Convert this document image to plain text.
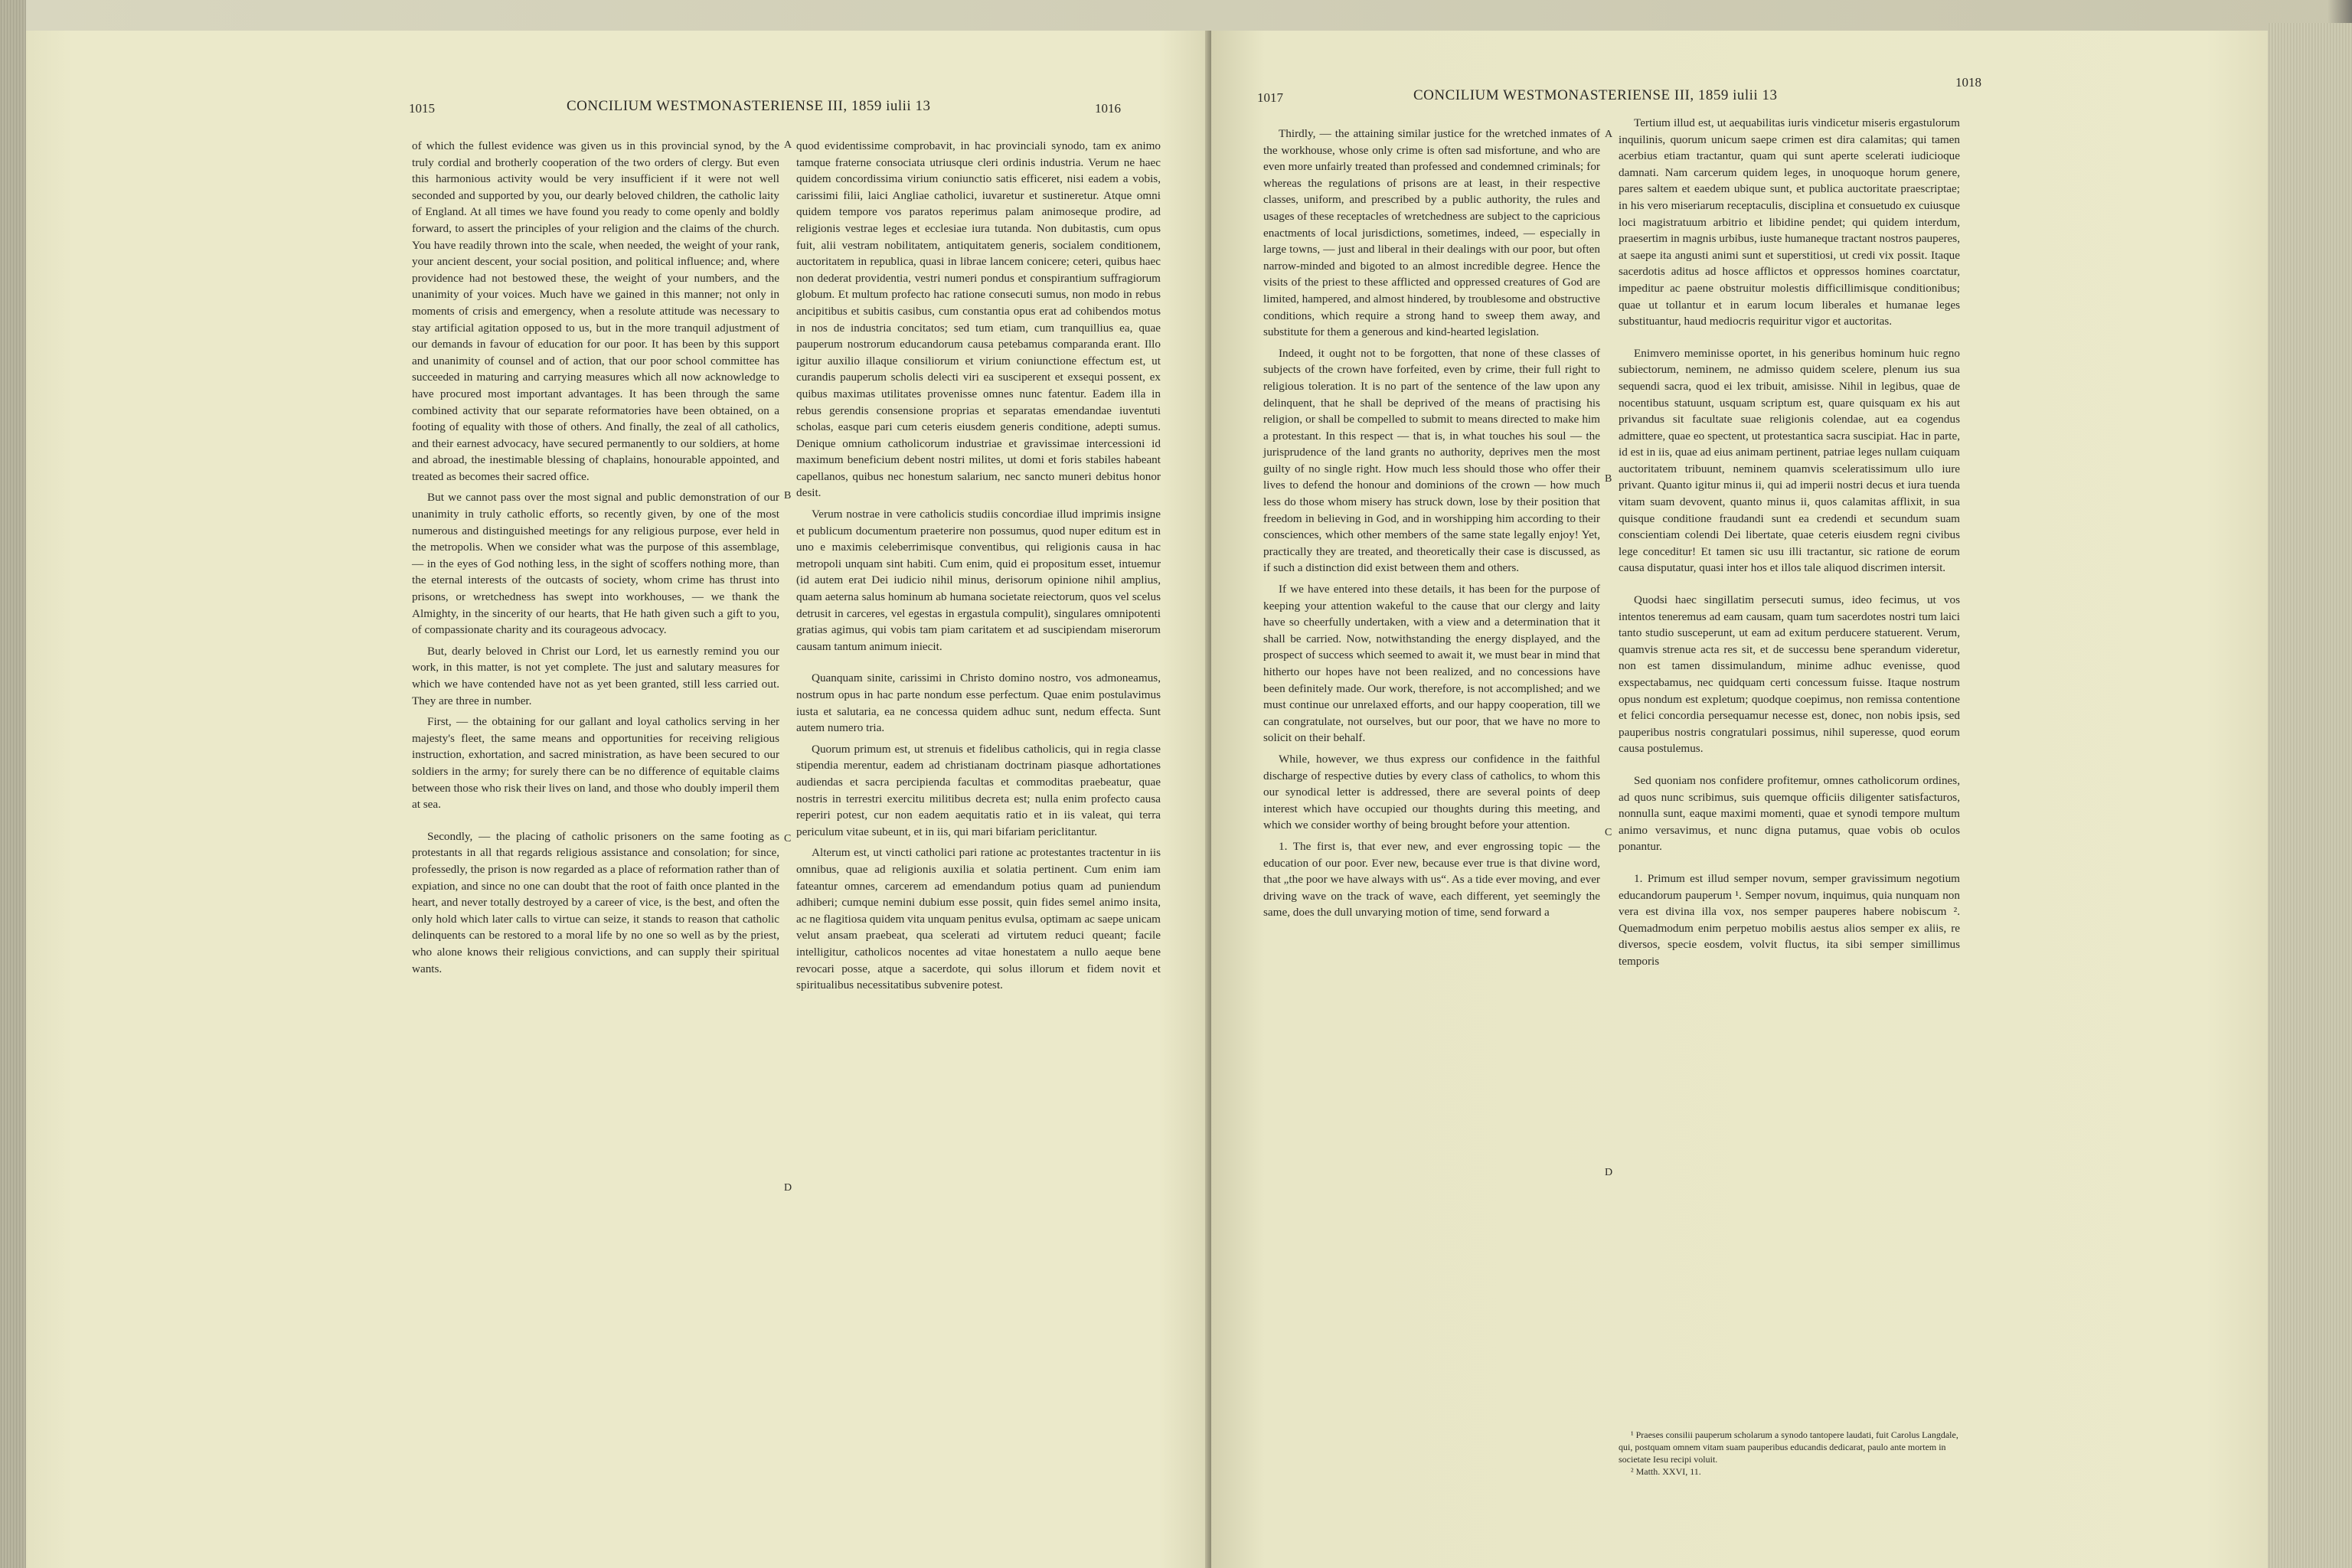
1015	CONCILIUM WESTMONASTERIENSE III, 1859 iulii 13	1016

of which the fullest evidence was given us in this provincial synod, by the truly cordial and brotherly cooperation of the two orders of clergy. But even this harmonious activity would be very insufficient if it were not well seconded and supported by you, our dearly beloved children, the catholic laity of England. At all times we have found you ready to come openly and boldly forward, to assert the principles of your religion and the claims of the church. You have readily thrown into the scale, when needed, the weight of your rank, your ancient descent, your social position, and political influence; and, where providence had not bestowed these, the weight of your numbers, and the unanimity of your voices. Much have we gained in this manner; not only in moments of crisis and emergency, when a resolute attitude was necessary to stay artificial agitation opposed to us, but in the more tranquil adjustment of our demands in favour of education for our poor. It has been by this support and unanimity of counsel and of action, that our poor school committee has succeeded in maturing and carrying measures which all now acknowledge to have procured most important advantages. It has been through the same combined activity that our separate reformatories have been obtained, on a footing of equality with those of others. And finally, the zeal of all catholics, and their earnest advocacy, have secured permanently to our soldiers, at home and abroad, the inestimable blessing of chaplains, honourable appointed, and treated as becomes their sacred office.

But we cannot pass over the most signal and public demonstration of our unanimity in truly catholic efforts, so recently given, by one of the most numerous and distinguished meetings for any religious purpose, ever held in the metropolis. When we consider what was the purpose of this assemblage, — in the eyes of God nothing less, in the sight of scoffers nothing more, than the eternal interests of the outcasts of society, whom crime has thrust into prisons, or wretchedness has swept into workhouses, — we thank the Almighty, in the sincerity of our hearts, that He hath given such a gift to you, of compassionate charity and its courageous advocacy.

But, dearly beloved in Christ our Lord, let us earnestly remind you our work, in this matter, is not yet complete. The just and salutary measures for which we have contended have not as yet been granted, still less carried out. They are three in number.

First, — the obtaining for our gallant and loyal catholics serving in her majesty's fleet, the same means and opportunities for receiving religious instruction, exhortation, and sacred ministration, as have been secured to our soldiers in the army; for surely there can be no difference of equitable claims between those who risk their lives on land, and those who doubly imperil them at sea.

Secondly, — the placing of catholic prisoners on the same footing as protestants in all that regards religious assistance and consolation; for since, professedly, the prison is now regarded as a place of reformation rather than of expiation, and since no one can doubt that the root of faith once planted in the heart, and never totally destroyed by a career of vice, is the best, and often the only hold which later calls to virtue can seize, it stands to reason that catholic delinquents can be restored to a moral life by no one so well as by the priest, who alone knows their religious convictions, and can supply their spiritual wants.

A
B
C
D

quod evidentissime comprobavit, in hac provinciali synodo, tam ex animo tamque fraterne consociata utriusque cleri ordinis industria. Verum ne haec quidem concordissima virium coniunctio satis efficeret, nisi eadem a vobis, carissimi filii, laici Angliae catholici, iuvaretur et sustineretur. Atque omni quidem tempore vos paratos reperimus palam animoseque prodire, ad religionis vestrae leges et ecclesiae iura tutanda. Non dubitastis, cum opus fuit, alii vestram nobilitatem, antiquitatem generis, socialem conditionem, auctoritatem in republica, quasi in librae lancem conicere; ceteri, quibus haec non dederat providentia, vestri numeri pondus et conspirantium suffragiorum globum. Et multum profecto hac ratione consecuti sumus, non modo in rebus ancipitibus et subitis casibus, cum constantia opus erat ad cohibendos motus in nos de industria concitatos; sed tum etiam, cum tranquillius ea, quae pauperum nostrorum educandorum causa petebamus comparanda erant. Illo igitur auxilio illaque consiliorum et virium coniunctione effectum est, ut curandis pauperum scholis delecti viri ea susciperent et exsequi possent, ex quibus maximas utilitates provenisse omnes nunc fatentur. Eadem illa in rebus gerendis consensione proprias et separatas emendandae iuventuti scholas, easque pari cum ceteris eiusdem generis conditione, adepti sumus. Denique omnium catholicorum industriae et gravissimae intercessioni id maximum beneficium debent nostri milites, ut domi et foris stabiles habeant capellanos, quibus nec honestum salarium, nec sancto muneri debitus honor desit.

Verum nostrae in vere catholicis studiis concordiae illud imprimis insigne et publicum documentum praeterire non possumus, quod nuper editum est in uno e maximis celeberrimisque conventibus, qui religionis causa in hac metropoli unquam sint habiti. Cum enim, quid ei propositum esset, intuemur (id autem erat Dei iudicio nihil minus, derisorum opinione nihil amplius, quam aeterna salus hominum ab humana societate reiectorum, quos vel scelus detrusit in carceres, vel egestas in ergastula compulit), singulares omnipotenti gratias agimus, qui vobis tam piam caritatem et ad suscipiendam miserorum causam tantum animum iniecit.

Quanquam sinite, carissimi in Christo domino nostro, vos admoneamus, nostrum opus in hac parte nondum esse perfectum. Quae enim postulavimus iusta et salutaria, ea ne concessa quidem adhuc sunt, nedum effecta. Sunt autem numero tria.

Quorum primum est, ut strenuis et fidelibus catholicis, qui in regia classe stipendia merentur, eadem ad christianam doctrinam piasque adhortationes audiendas et sacra percipienda facultas et commoditas praebeatur, quae nostris in terrestri exercitu militibus decreta est; nulla enim profecto causa reperiri potest, cur non eadem aequitatis ratio et in iis valeat, qui terra periculum vitae subeunt, et in iis, qui mari bifariam periclitantur.

Alterum est, ut vincti catholici pari ratione ac protestantes tractentur in iis omnibus, quae ad religionis auxilia et solatia pertinent. Cum enim iam fateantur omnes, carcerem ad emendandum potius quam ad puniendum adhiberi; cumque nemini dubium esse possit, quin fides semel animo insita, ac ne flagitiosa quidem vita unquam penitus evulsa, optimam ac saepe unicam velut ansam praebeat, qua scelerati ad virtutem reduci queant; facile intelligitur, catholicos nocentes ad vitae honestatem a nullo aeque bene revocari posse, atque a sacerdote, qui solus illorum et fidem novit et spiritualibus necessitatibus subvenire potest.

1017	CONCILIUM WESTMONASTERIENSE III, 1859 iulii 13
1018

Thirdly, — the attaining similar justice for the wretched inmates of the workhouse, whose only crime is often sad misfortune, and who are even more unfairly treated than professed and condemned criminals; for whereas the regulations of prisons are at least, in their respective classes, uniform, and prescribed by a public authority, the rules and usages of these receptacles of wretchedness are subject to the capricious enactments of local jurisdictions, sometimes, indeed, — especially in large towns, — just and liberal in their dealings with our poor, but often narrow-minded and bigoted to an almost incredible degree. Hence the visits of the priest to these afflicted and oppressed creatures of God are limited, hampered, and almost hindered, by troublesome and obstructive conditions, which require a strong hand to sweep them away, and substitute for them a generous and kind-hearted legislation.

Indeed, it ought not to be forgotten, that none of these classes of subjects of the crown have forfeited, even by crime, their full right to religious toleration. It is no part of the sentence of the law upon any delinquent, that he shall be deprived of the means of practising his religion, or shall be compelled to submit to means directed to make him a protestant. In this respect — that is, in what touches his soul — the jurisprudence of the land grants no authority, deprives men the most guilty of no single right. How much less should those who offer their lives to defend the honour and dominions of the crown — how much less do those whom misery has struck down, lose by their position that freedom in believing in God, and in worshipping him according to their consciences, which other members of the same state legally enjoy! Yet, practically they are treated, and theoretically their case is discussed, as if such a distinction did exist between them and others.

If we have entered into these details, it has been for the purpose of keeping your attention wakeful to the cause that our clergy and laity have so cheerfully undertaken, with a view and a determination that it shall be carried. Now, notwithstanding the energy displayed, and the prospect of success which seemed to await it, we must bear in mind that hitherto our hopes have not been realized, and no concessions have been definitely made. Our work, therefore, is not accomplished; and we must continue our unrelaxed efforts, and our happy cooperation, till we can congratulate, not ourselves, but our poor, that we have no more to solicit on their behalf.

While, however, we thus express our confidence in the faithful discharge of respective duties by every class of catholics, to whom this our synodical letter is addressed, there are several points of deep interest which have occupied our thoughts during this meeting, and which we consider worthy of being brought before your attention.

1. The first is, that ever new, and ever engrossing topic — the education of our poor. Ever new, because ever true is that divine word, that „the poor we have always with us“. As a tide ever moving, and ever driving wave on the track of wave, each different, yet seemingly the same, does the dull unvarying motion of time, send forward a

A
B
C
D

Tertium illud est, ut aequabilitas iuris vindicetur miseris ergastulorum inquilinis, quorum unicum saepe crimen est dira calamitas; qui tamen acerbius etiam tractantur, quam qui sunt aperte scelerati iudicioque damnati. Nam carcerum quidem leges, in unoquoque horum genere, pares saltem et eaedem ubique sunt, et publica auctoritate praescriptae; in his vero miseriarum receptaculis, disciplina et consuetudo ex cuiusque loci magistratuum arbitrio et libidine pendet; qui quidem interdum, praesertim in magnis urbibus, iuste humaneque tractant nostros pauperes, at saepe ita angusti animi sunt et superstitiosi, ut credi vix possit. Itaque sacerdotis aditus ad hosce afflictos et oppressos homines coarctatur, impeditur ac paene obstruitur molestis difficillimisque conditionibus; quae ut tollantur et in earum locum liberales et humanae leges substituantur, haud mediocris requiritur vigor et auctoritas.

Enimvero meminisse oportet, in his generibus hominum huic regno subiectorum, neminem, ne admisso quidem scelere, plenum ius sua sequendi sacra, quod ei lex tribuit, amisisse. Nihil in legibus, quae de nocentibus statuunt, usquam scriptum est, quare quisquam ex his aut privandus sit facultate suae religionis colendae, aut ea cogendus admittere, quae eo spectent, ut protestantica sacra suscipiat. Hac in parte, id est in iis, quae ad eius animam pertinent, patriae leges nullam cuiquam auctoritatem tribuunt, neminem quamvis sceleratissimum ullo iure privant. Quanto igitur minus ii, qui ad imperii nostri decus et iura tuenda vitam suam devovent, quanto minus ii, quos calamitas afflixit, in sua quisque conditione fraudandi sunt ea credendi et secundum suam conscientiam colendi Dei libertate, quae ceteris eiusdem regni civibus lege conceditur! Et tamen sic usu illi tractantur, sic ratione de eorum causa disputatur, quasi inter hos et illos tale aliquod discrimen intersit.

Quodsi haec singillatim persecuti sumus, ideo fecimus, ut vos intentos teneremus ad eam causam, quam tum sacerdotes nostri tum laici tanto studio susceperunt, ut eam ad exitum perducere statuerent. Verum, quamvis strenue acta res sit, et de successu bene sperandum videretur, non est tamen dissimulandum, minime adhuc evenisse, quod exspectabamus, nec quidquam certi concessum fuisse. Itaque nostrum opus nondum est expletum; quodque coepimus, non remissa contentione et felici concordia persequamur necesse est, donec, non nobis ipsis, sed pauperibus nostris congratulari possimus, nihil superesse, quod eorum causa postulemus.

Sed quoniam nos confidere profitemur, omnes catholicorum ordines, ad quos nunc scribimus, suis quemque officiis diligenter satisfacturos, nonnulla sunt, eaque maximi momenti, quae et synodi tempore multum animo versavimus, et nunc digna putamus, quae vobis ob oculos ponantur.

1. Primum est illud semper novum, semper gravissimum negotium educandorum pauperum ¹. Semper novum, inquimus, quia nunquam non vera est divina illa vox, nos semper pauperes habere nobiscum ². Quemadmodum enim perpetuo mobilis aestus alios semper ex aliis, re diversos, specie eosdem, volvit fluctus, ita sibi semper simillimus temporis

¹ Praeses consilii pauperum scholarum a synodo tantopere laudati, fuit Carolus Langdale, qui, postquam omnem vitam suam pauperibus educandis dedicarat, paulo ante mortem in societate Iesu recipi voluit.

² Matth. XXVI, 11.
